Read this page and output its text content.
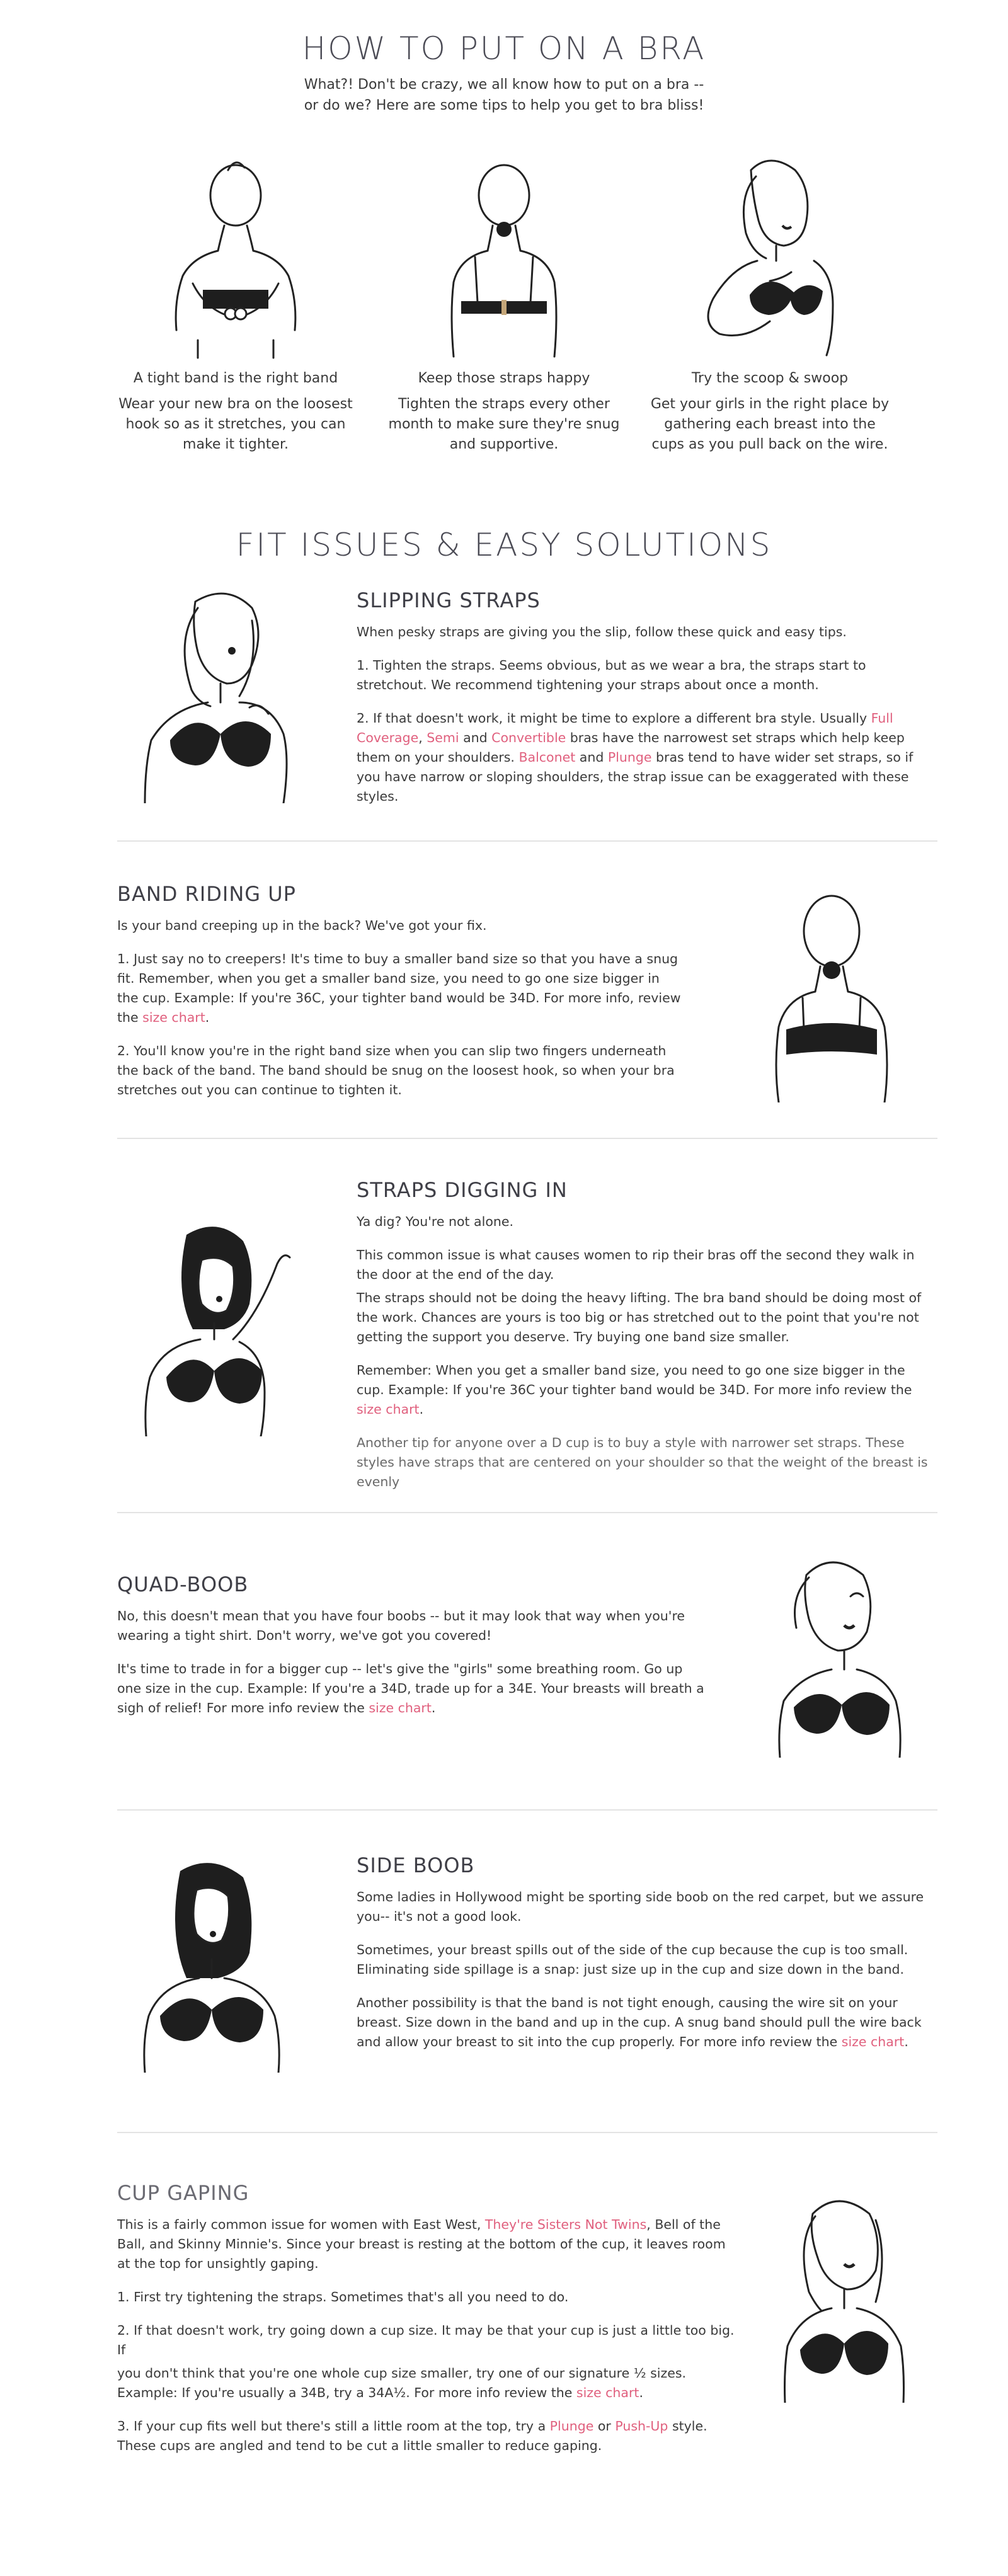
HOW TO PUT ON A BRA
What?! Don't be crazy, we all know how to put on a bra -- or do we? Here are some tips to help you get to bra bliss!
A tight band is the right band
Wear your new bra on the loosest hook so as it stretches, you can make it tighter.
Keep those straps happy
Tighten the straps every other month to make sure they're snug and supportive.
Try the scoop & swoop
Get your girls in the right place by gathering each breast into the cups as you pull back on the wire.
FIT ISSUES & EASY SOLUTIONS
SLIPPING STRAPS

When pesky straps are giving you the slip, follow these quick and easy tips.

1. Tighten the straps. Seems obvious, but as we wear a bra, the straps start to stretchout. We recommend tightening your straps about once a month.

2. If that doesn't work, it might be time to explore a different bra style. Usually Full Coverage, Semi and Convertible bras have the narrowest set straps which help keep them on your shoulders. Balconet and Plunge bras tend to have wider set straps, so if you have narrow or sloping shoulders, the strap issue can be exaggerated with these styles.

BAND RIDING UP

Is your band creeping up in the back? We've got your fix.

1. Just say no to creepers! It's time to buy a smaller band size so that you have a snug fit. Remember, when you get a smaller band size, you need to go one size bigger in the cup. Example: If you're 36C, your tighter band would be 34D. For more info, review the size chart.

2. You'll know you're in the right band size when you can slip two fingers underneath the back of the band. The band should be snug on the loosest hook, so when your bra stretches out you can continue to tighten it.

STRAPS DIGGING IN

Ya dig? You're not alone.

This common issue is what causes women to rip their bras off the second they walk in the door at the end of the day.

The straps should not be doing the heavy lifting. The bra band should be doing most of the work. Chances are yours is too big or has stretched out to the point that you're not getting the support you deserve. Try buying one band size smaller.

Remember: When you get a smaller band size, you need to go one size bigger in the cup. Example: If you're 36C your tighter band would be 34D. For more info review the size chart.

Another tip for anyone over a D cup is to buy a style with narrower set straps. These styles have straps that are centered on your shoulder so that the weight of the breast is evenly

QUAD-BOOB

No, this doesn't mean that you have four boobs -- but it may look that way when you're wearing a tight shirt. Don't worry, we've got you covered!

It's time to trade in for a bigger cup -- let's give the "girls" some breathing room. Go up one size in the cup. Example: If you're a 34D, trade up for a 34E. Your breasts will breath a sigh of relief! For more info review the size chart.

SIDE BOOB

Some ladies in Hollywood might be sporting side boob on the red carpet, but we assure you-- it's not a good look.

Sometimes, your breast spills out of the side of the cup because the cup is too small. Eliminating side spillage is a snap: just size up in the cup and size down in the band.

Another possibility is that the band is not tight enough, causing the wire sit on your breast. Size down in the band and up in the cup. A snug band should pull the wire back and allow your breast to sit into the cup properly. For more info review the size chart.

CUP GAPING

This is a fairly common issue for women with East West, They're Sisters Not Twins, Bell of the Ball, and Skinny Minnie's. Since your breast is resting at the bottom of the cup, it leaves room at the top for unsightly gaping.

1. First try tightening the straps. Sometimes that's all you need to do.

2. If that doesn't work, try going down a cup size. It may be that your cup is just a little too big. If

you don't think that you're one whole cup size smaller, try one of our signature ½ sizes. Example: If you're usually a 34B, try a 34A½. For more info review the size chart.

3. If your cup fits well but there's still a little room at the top, try a Plunge or Push-Up style. These cups are angled and tend to be cut a little smaller to reduce gaping.
